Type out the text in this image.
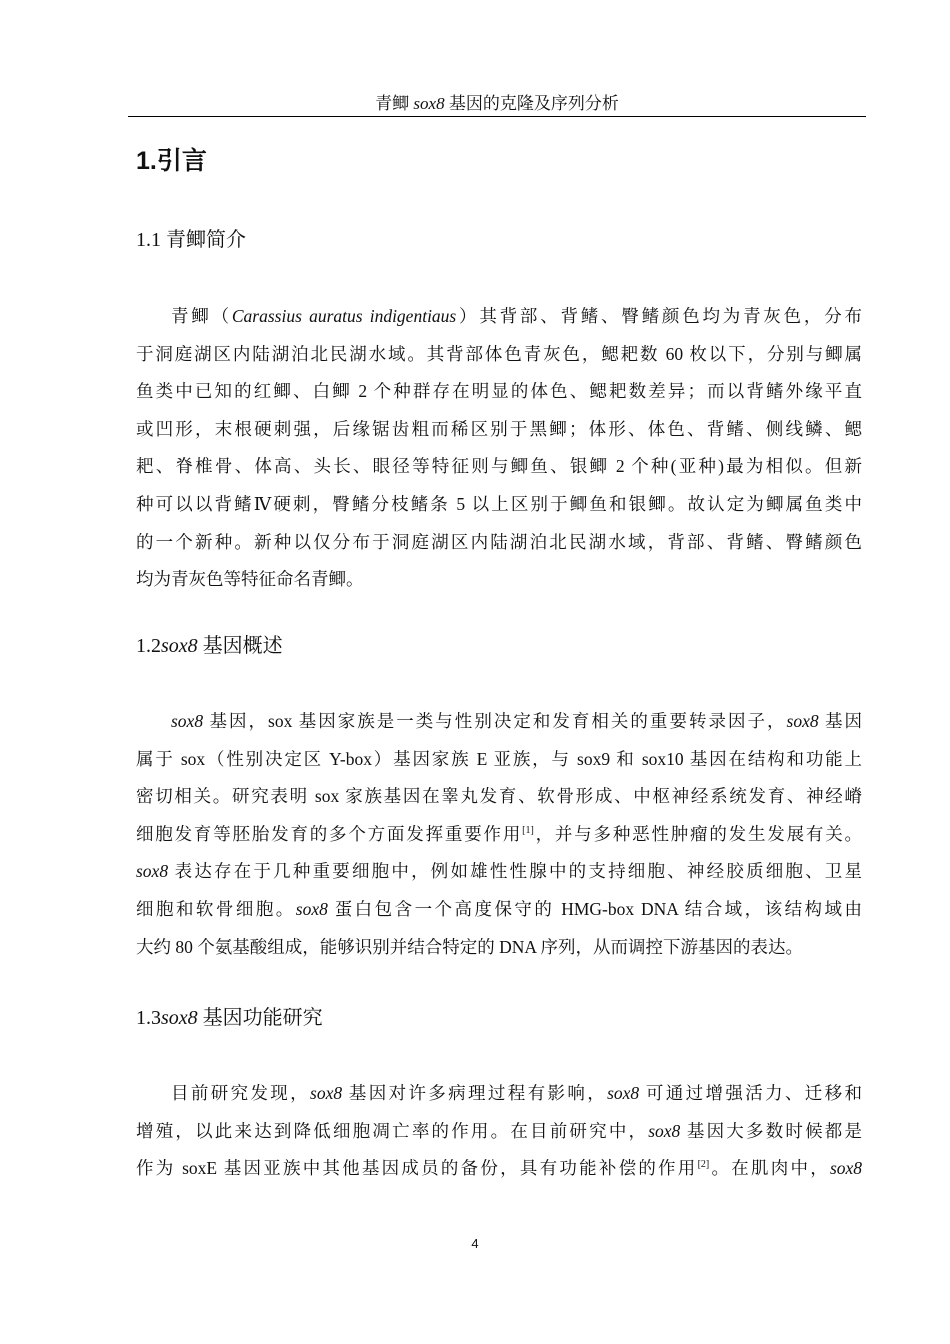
青鲫 sox8 基因的克隆及序列分析
1.引言
1.1 青鲫简介
青鲫（Carassius auratus indigentiaus）其背部、背鳍、臀鳍颜色均为青灰色，分布
于洞庭湖区内陆湖泊北民湖水域。其背部体色青灰色，鳃耙数 60 枚以下，分别与鲫属
鱼类中已知的红鲫、白鲫 2 个种群存在明显的体色、鳃耙数差异；而以背鳍外缘平直
或凹形，末根硬刺强，后缘锯齿粗而稀区别于黑鲫；体形、体色、背鳍、侧线鳞、鳃
耙、脊椎骨、体高、头长、眼径等特征则与鲫鱼、银鲫 2 个种(亚种)最为相似。但新
种可以以背鳍Ⅳ硬刺，臀鳍分枝鳍条 5 以上区别于鲫鱼和银鲫。故认定为鲫属鱼类中
的一个新种。新种以仅分布于洞庭湖区内陆湖泊北民湖水域，背部、背鳍、臀鳍颜色
均为青灰色等特征命名青鲫。
1.2sox8 基因概述
sox8 基因，sox 基因家族是一类与性别决定和发育相关的重要转录因子，sox8 基因
属于 sox（性别决定区 Y-box）基因家族 E 亚族，与 sox9 和 sox10 基因在结构和功能上
密切相关。研究表明 sox 家族基因在睾丸发育、软骨形成、中枢神经系统发育、神经嵴
细胞发育等胚胎发育的多个方面发挥重要作用[1]，并与多种恶性肿瘤的发生发展有关。
sox8 表达存在于几种重要细胞中，例如雄性性腺中的支持细胞、神经胶质细胞、卫星
细胞和软骨细胞。sox8 蛋白包含一个高度保守的 HMG-box DNA 结合域，该结构域由
大约 80 个氨基酸组成，能够识别并结合特定的 DNA 序列，从而调控下游基因的表达。
1.3sox8 基因功能研究
目前研究发现，sox8 基因对许多病理过程有影响，sox8 可通过增强活力、迁移和
增殖，以此来达到降低细胞凋亡率的作用。在目前研究中，sox8 基因大多数时候都是
作为 soxE 基因亚族中其他基因成员的备份，具有功能补偿的作用[2]。在肌肉中，sox8
4
